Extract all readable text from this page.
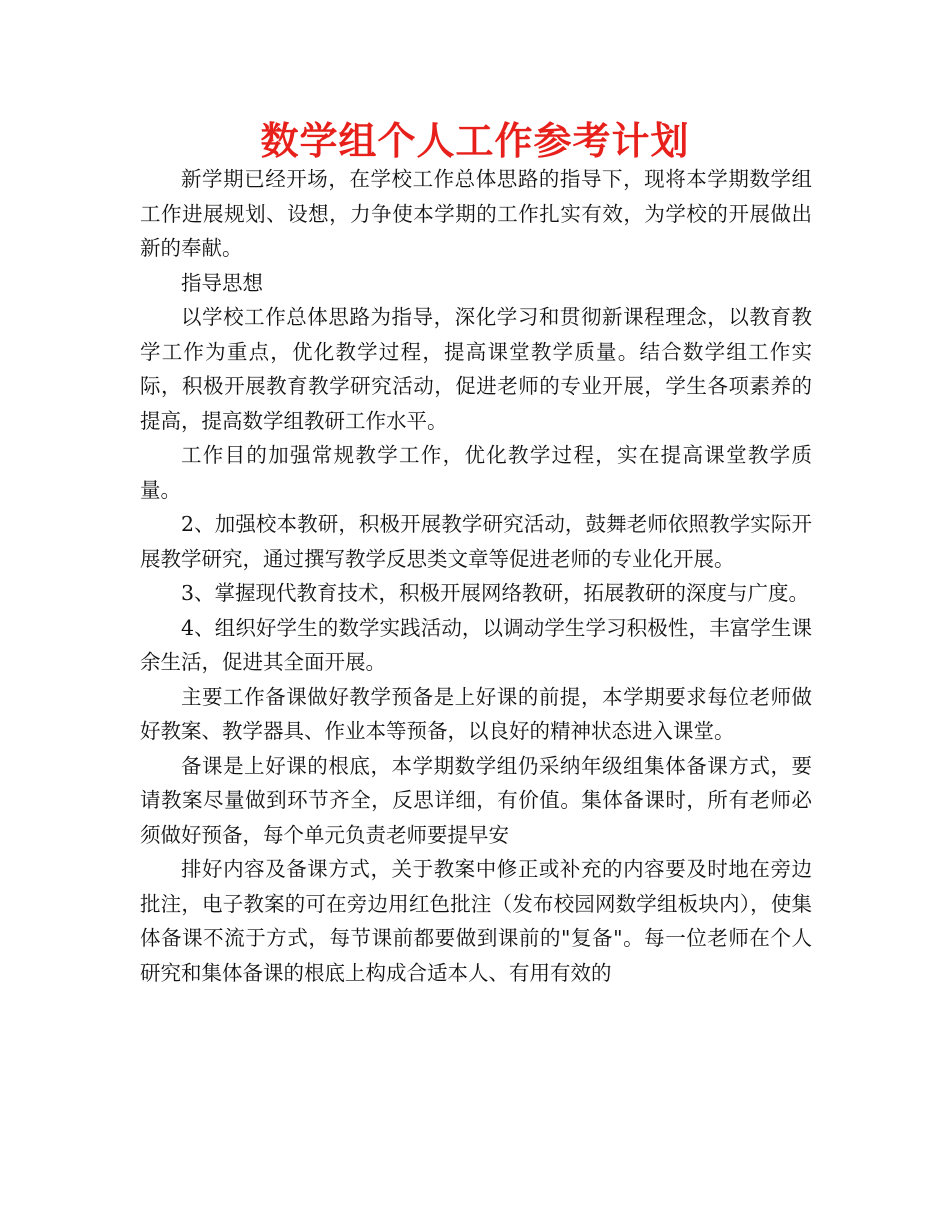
数学组个人工作参考计划

新学期已经开场，在学校工作总体思路的指导下，现将本学期数学组工作进展规划、设想，力争使本学期的工作扎实有效，为学校的开展做出新的奉献。

指导思想

以学校工作总体思路为指导，深化学习和贯彻新课程理念，以教育教学工作为重点，优化教学过程，提高课堂教学质量。结合数学组工作实际，积极开展教育教学研究活动，促进老师的专业开展，学生各项素养的提高，提高数学组教研工作水平。

工作目的加强常规教学工作，优化教学过程，实在提高课堂教学质量。

2、加强校本教研，积极开展教学研究活动，鼓舞老师依照教学实际开展教学研究，通过撰写教学反思类文章等促进老师的专业化开展。

3、掌握现代教育技术，积极开展网络教研，拓展教研的深度与广度。

4、组织好学生的数学实践活动，以调动学生学习积极性，丰富学生课余生活，促进其全面开展。

主要工作备课做好教学预备是上好课的前提，本学期要求每位老师做好教案、教学器具、作业本等预备，以良好的精神状态进入课堂。

备课是上好课的根底，本学期数学组仍采纳年级组集体备课方式，要请教案尽量做到环节齐全，反思详细，有价值。集体备课时，所有老师必须做好预备，每个单元负责老师要提早安

排好内容及备课方式，关于教案中修正或补充的内容要及时地在旁边批注，电子教案的可在旁边用红色批注（发布校园网数学组板块内），使集体备课不流于方式，每节课前都要做到课前的"复备"。每一位老师在个人研究和集体备课的根底上构成合适本人、有用有效的
